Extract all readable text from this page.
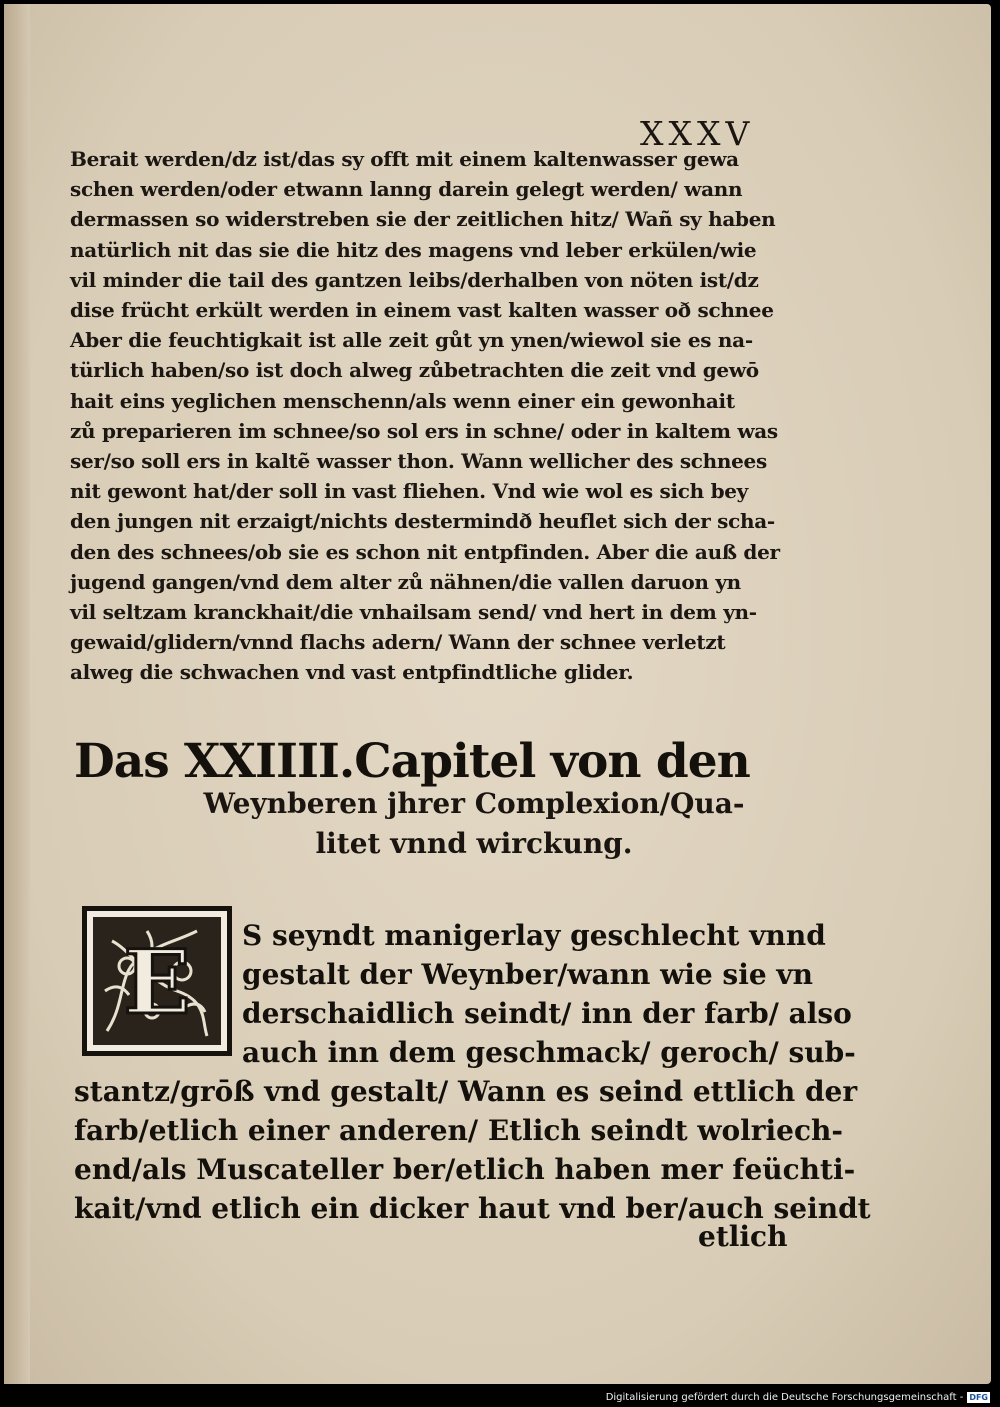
XXXV
Berait werden/dz ist/das sy offt mit einem kaltenwasser gewa
schen werden/oder etwann lanng darein gelegt werden/ wann
dermassen so widerstreben sie der zeitlichen hitz/ Wañ sy haben
natürlich nit das sie die hitz des magens vnd leber erkülen/wie
vil minder die tail des gantzen leibs/derhalben von nöten ist/dz
dise frücht erkült werden in einem vast kalten wasser oð schnee
Aber die feuchtigkait ist alle zeit gůt yn ynen/wiewol sie es na-
türlich haben/so ist doch alweg zůbetrachten die zeit vnd gewō
hait eins yeglichen menschenn/als wenn einer ein gewonhait
zů preparieren im schnee/so sol ers in schne/ oder in kaltem was
ser/so soll ers in kaltẽ wasser thon. Wann wellicher des schnees
nit gewont hat/der soll in vast fliehen. Vnd wie wol es sich bey
den jungen nit erzaigt/nichts destermindð heuflet sich der scha-
den des schnees/ob sie es schon nit entpfinden. Aber die auß der
jugend gangen/vnd dem alter zů nähnen/die vallen daruon yn
vil seltzam kranckhait/die vnhailsam send/ vnd hert in dem yn-
gewaid/glidern/vnnd flachs adern/ Wann der schnee verletzt
alweg die schwachen vnd vast entpfindtliche glider.
Das XXIIII.Capitel von den
Weynberen jhrer Complexion/Qua-
litet vnnd wirckung.
E S seyndt manigerlay geschlecht vnnd
gestalt der Weynber/wann wie sie vn
derschaidlich seindt/ inn der farb/ also
auch inn dem geschmack/ geroch/ sub-
stantz/grōß vnd gestalt/ Wann es seind ettlich der
farb/etlich einer anderen/ Etlich seindt wolriech-
end/als Muscateller ber/etlich haben mer feüchti-
kait/vnd etlich ein dicker haut vnd ber/auch seindt
etlich
Digitalisierung gefördert durch die Deutsche Forschungsgemeinschaft - DFG
